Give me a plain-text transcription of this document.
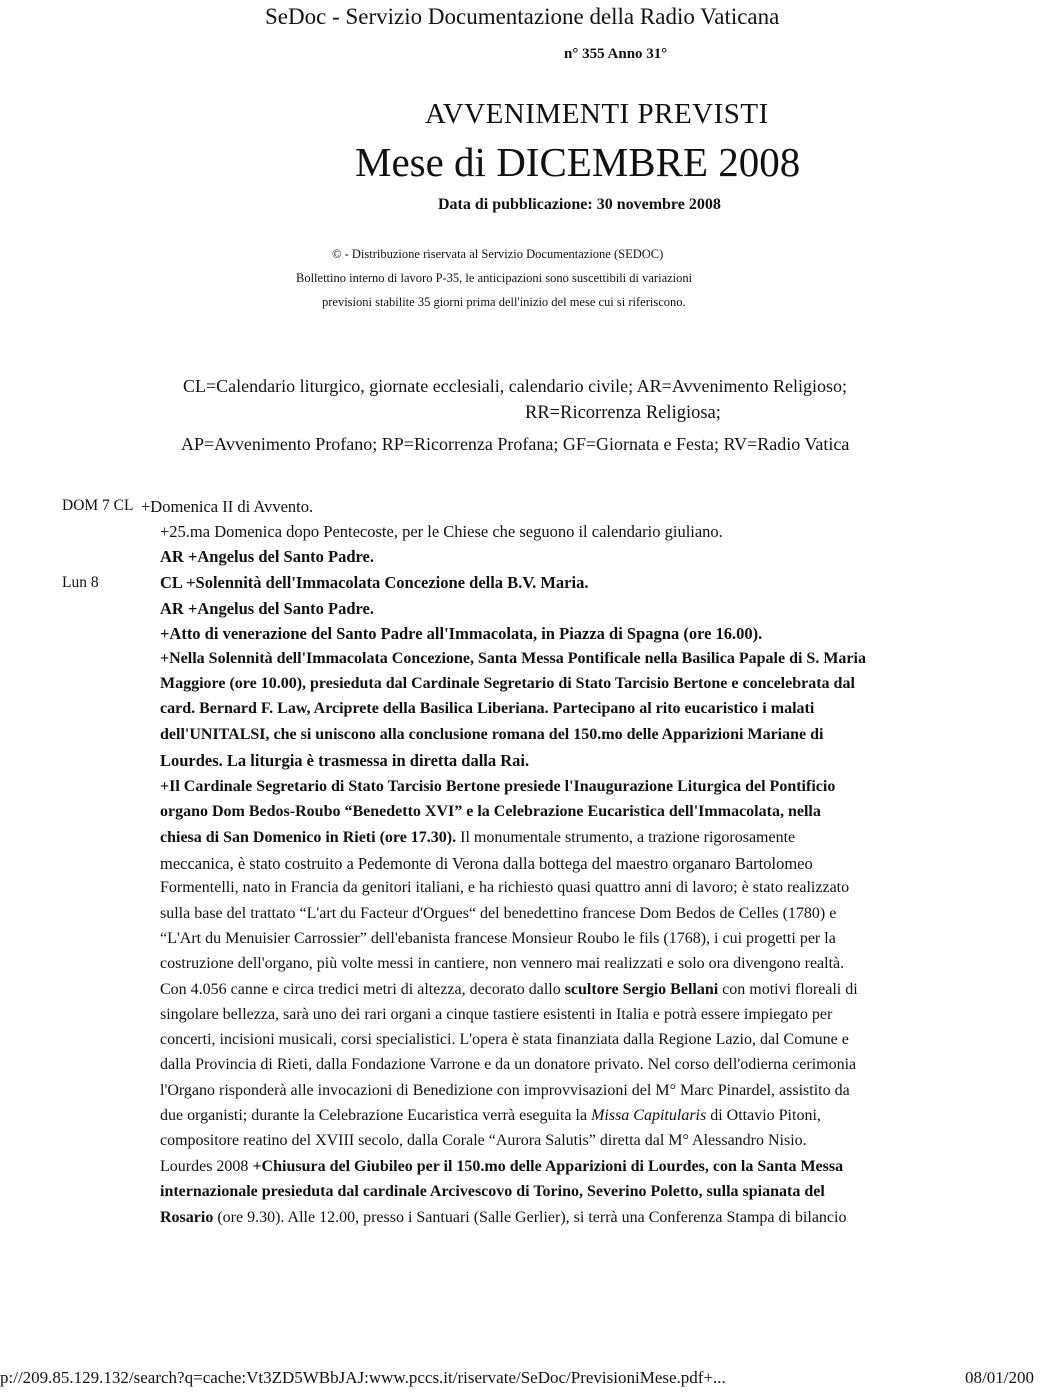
SeDoc - Servizio Documentazione della Radio Vaticana
n° 355 Anno 31°
AVVENIMENTI PREVISTI
Mese di DICEMBRE 2008
Data di pubblicazione: 30 novembre 2008
© - Distribuzione riservata al Servizio Documentazione (SEDOC)
Bollettino interno di lavoro P-35, le anticipazioni sono suscettibili di variazioni
previsioni stabilite 35 giorni prima dell'inizio del mese cui si riferiscono.
CL=Calendario liturgico, giornate ecclesiali, calendario civile; AR=Avvenimento Religioso;
RR=Ricorrenza Religiosa;
AP=Avvenimento Profano; RP=Ricorrenza Profana; GF=Giornata e Festa; RV=Radio Vatica
DOM 7 CL +Domenica II di Avvento.
+25.ma Domenica dopo Pentecoste, per le Chiese che seguono il calendario giuliano.
AR +Angelus del Santo Padre.
Lun 8	CL +Solennità dell'Immacolata Concezione della B.V. Maria.
AR +Angelus del Santo Padre.
+Atto di venerazione del Santo Padre all'Immacolata, in Piazza di Spagna (ore 16.00).
+Nella Solennità dell'Immacolata Concezione, Santa Messa Pontificale nella Basilica Papale di S. Maria
Maggiore (ore 10.00), presieduta dal Cardinale Segretario di Stato Tarcisio Bertone e concelebrata dal
card. Bernard F. Law, Arciprete della Basilica Liberiana. Partecipano al rito eucaristico i malati
dell'UNITALSI, che si uniscono alla conclusione romana del 150.mo delle Apparizioni Mariane di
Lourdes. La liturgia è trasmessa in diretta dalla Rai.
+Il Cardinale Segretario di Stato Tarcisio Bertone presiede l'Inaugurazione Liturgica del Pontificio
organo Dom Bedos-Roubo “Benedetto XVI” e la Celebrazione Eucaristica dell'Immacolata, nella
chiesa di San Domenico in Rieti (ore 17.30). Il monumentale strumento, a trazione rigorosamente
meccanica, è stato costruito a Pedemonte di Verona dalla bottega del maestro organaro Bartolomeo
Formentelli, nato in Francia da genitori italiani, e ha richiesto quasi quattro anni di lavoro; è stato realizzato
sulla base del trattato “L'art du Facteur d'Orgues“ del benedettino francese Dom Bedos de Celles (1780) e
“L'Art du Menuisier Carrossier” dell'ebanista francese Monsieur Roubo le fils (1768), i cui progetti per la
costruzione dell'organo, più volte messi in cantiere, non vennero mai realizzati e solo ora divengono realtà.
Con 4.056 canne e circa tredici metri di altezza, decorato dallo scultore Sergio Bellani con motivi floreali di
singolare bellezza, sarà uno dei rari organi a cinque tastiere esistenti in Italia e potrà essere impiegato per
concerti, incisioni musicali, corsi specialistici. L'opera è stata finanziata dalla Regione Lazio, dal Comune e
dalla Provincia di Rieti, dalla Fondazione Varrone e da un donatore privato. Nel corso dell'odierna cerimonia
l'Organo risponderà alle invocazioni di Benedizione con improvvisazioni del M° Marc Pinardel, assistito da
due organisti; durante la Celebrazione Eucaristica verrà eseguita la Missa Capitularis di Ottavio Pitoni,
compositore reatino del XVIII secolo, dalla Corale “Aurora Salutis” diretta dal M° Alessandro Nisio.
Lourdes 2008 +Chiusura del Giubileo per il 150.mo delle Apparizioni di Lourdes, con la Santa Messa
internazionale presieduta dal cardinale Arcivescovo di Torino, Severino Poletto, sulla spianata del
Rosario (ore 9.30). Alle 12.00, presso i Santuari (Salle Gerlier), si terrà una Conferenza Stampa di bilancio
p://209.85.129.132/search?q=cache:Vt3ZD5WBbJAJ:www.pccs.it/riservate/SeDoc/PrevisioniMese.pdf+...	08/01/200
